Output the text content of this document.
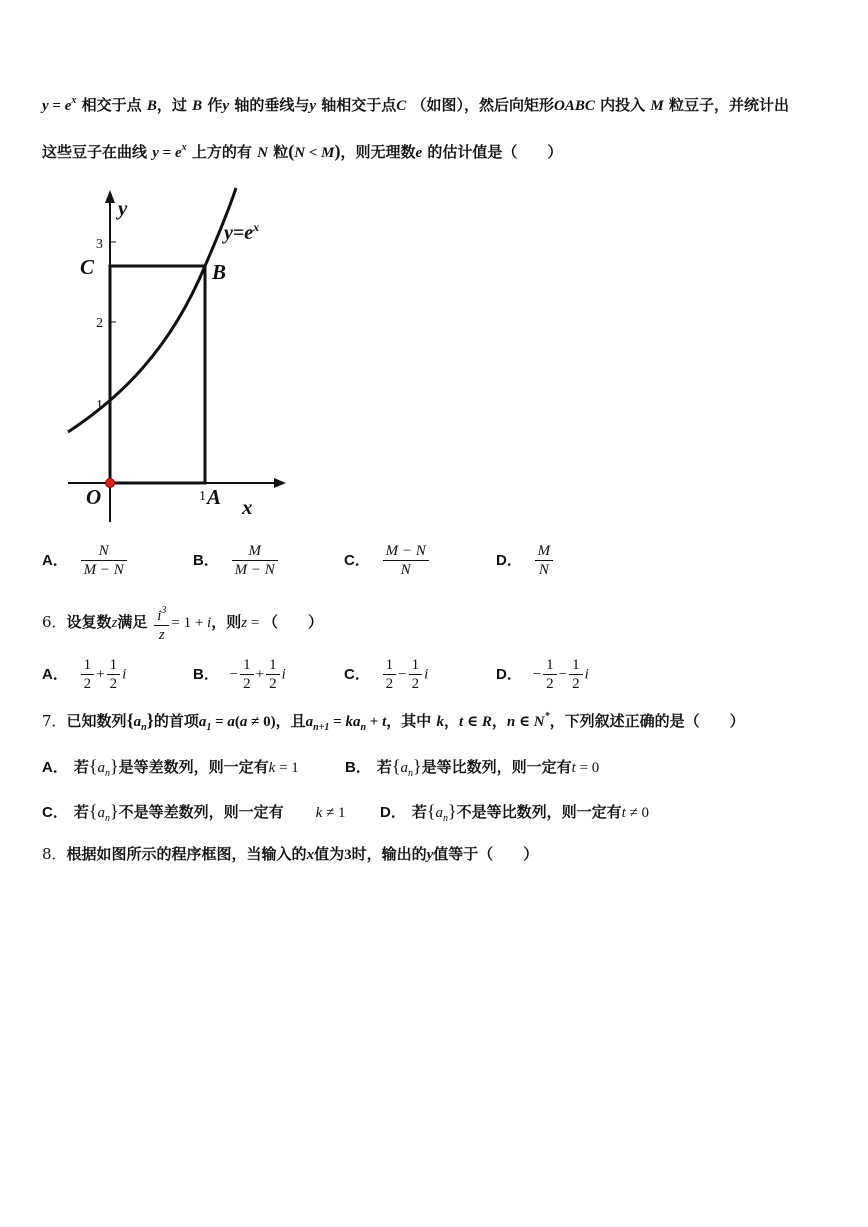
$y = e^x$ 相交于点 B，过 B 作y 轴的垂线与y 轴相交于点C （如图），然后向矩形OABC 内投入 M 粒豆子，并统计出
这些豆子在曲线 $y = e^x$ 上方的有 N 粒(N < M)，则无理数e 的估计值是（　　）
$y=e^x$
y
x
O	A
B
C
1
1
2
3
A． $\frac{N}{M - N}$	B． $\frac{M}{M - N}$	C． $\frac{M - N}{N}$	D． $\frac{M}{N}$
6．设复数z满足 $\frac{i^3}{z} = 1 + i$，则z = （　　）
A． $\frac{1}{2} + \frac{1}{2}$ i	B． − $\frac{1}{2} + \frac{1}{2}$ i	C． $\frac{1}{2} - \frac{1}{2}$ i	D． − $\frac{1}{2} - \frac{1}{2}$ i
7．已知数列$\{a_n\}$的首项$a_1 = a(a \ne 0)$，且$a_{n+1} = ka_n + t$，其中 k，t ∈ R，n ∈ N*，下列叙述正确的是（　　）
A． 若$\{a_n\}$是等差数列，则一定有k = 1	B． 若$\{a_n\}$是等比数列，则一定有t = 0
C． 若$\{a_n\}$不是等差数列，则一定有 k ≠ 1 D． 若$\{a_n\}$不是等比数列，则一定有t ≠ 0
8．根据如图所示的程序框图，当输入的x值为3时，输出的y值等于（　　）
